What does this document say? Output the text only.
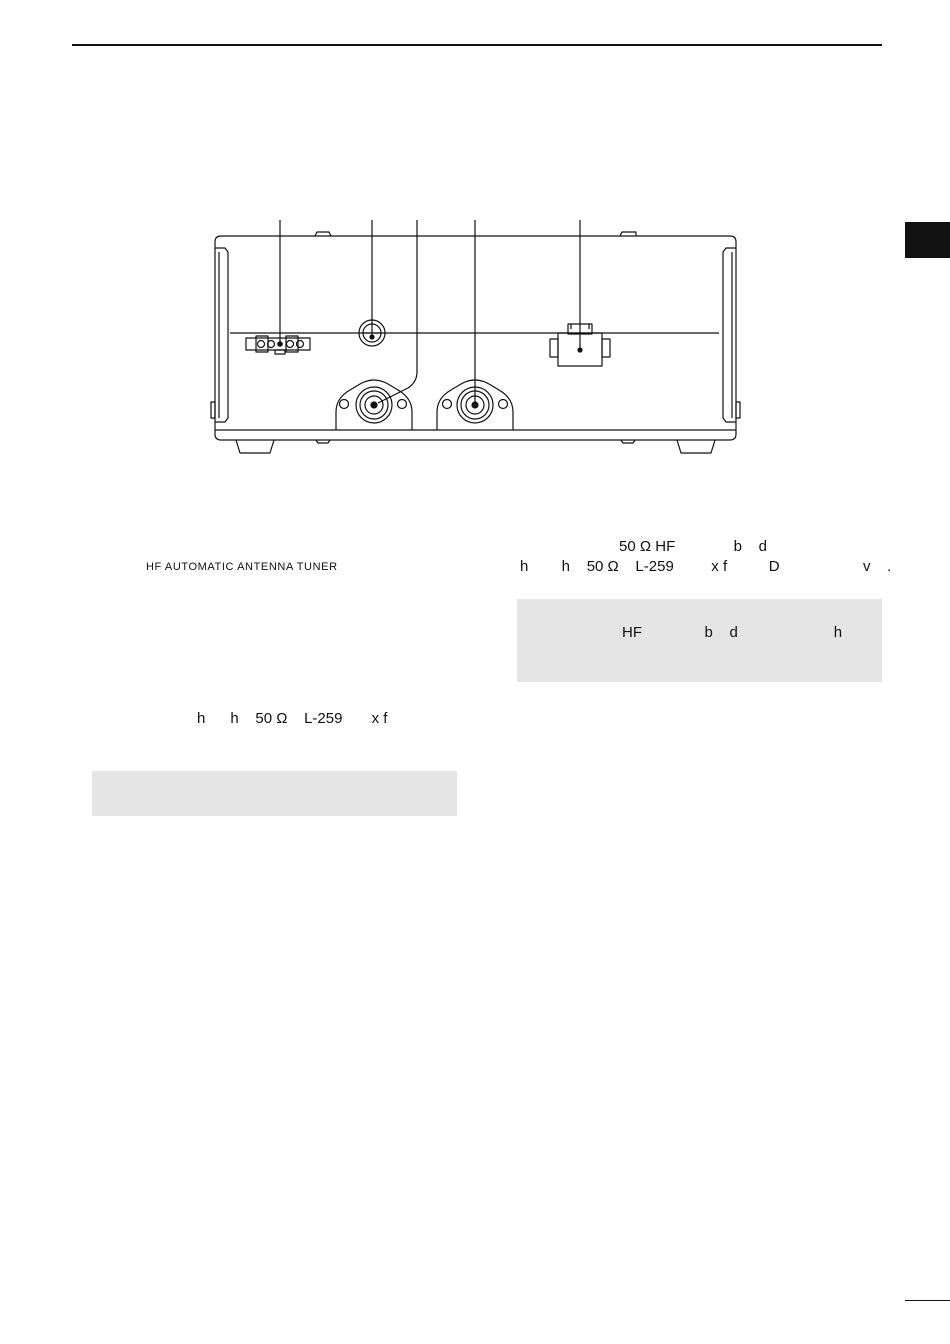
HF AUTOMATIC ANTENNA TUNER
h      h    50 Ω    L-259       x f
50 Ω HF              b    d
h        h    50 Ω    L-259         x f          D                    v    .
HF               b    d                       h
